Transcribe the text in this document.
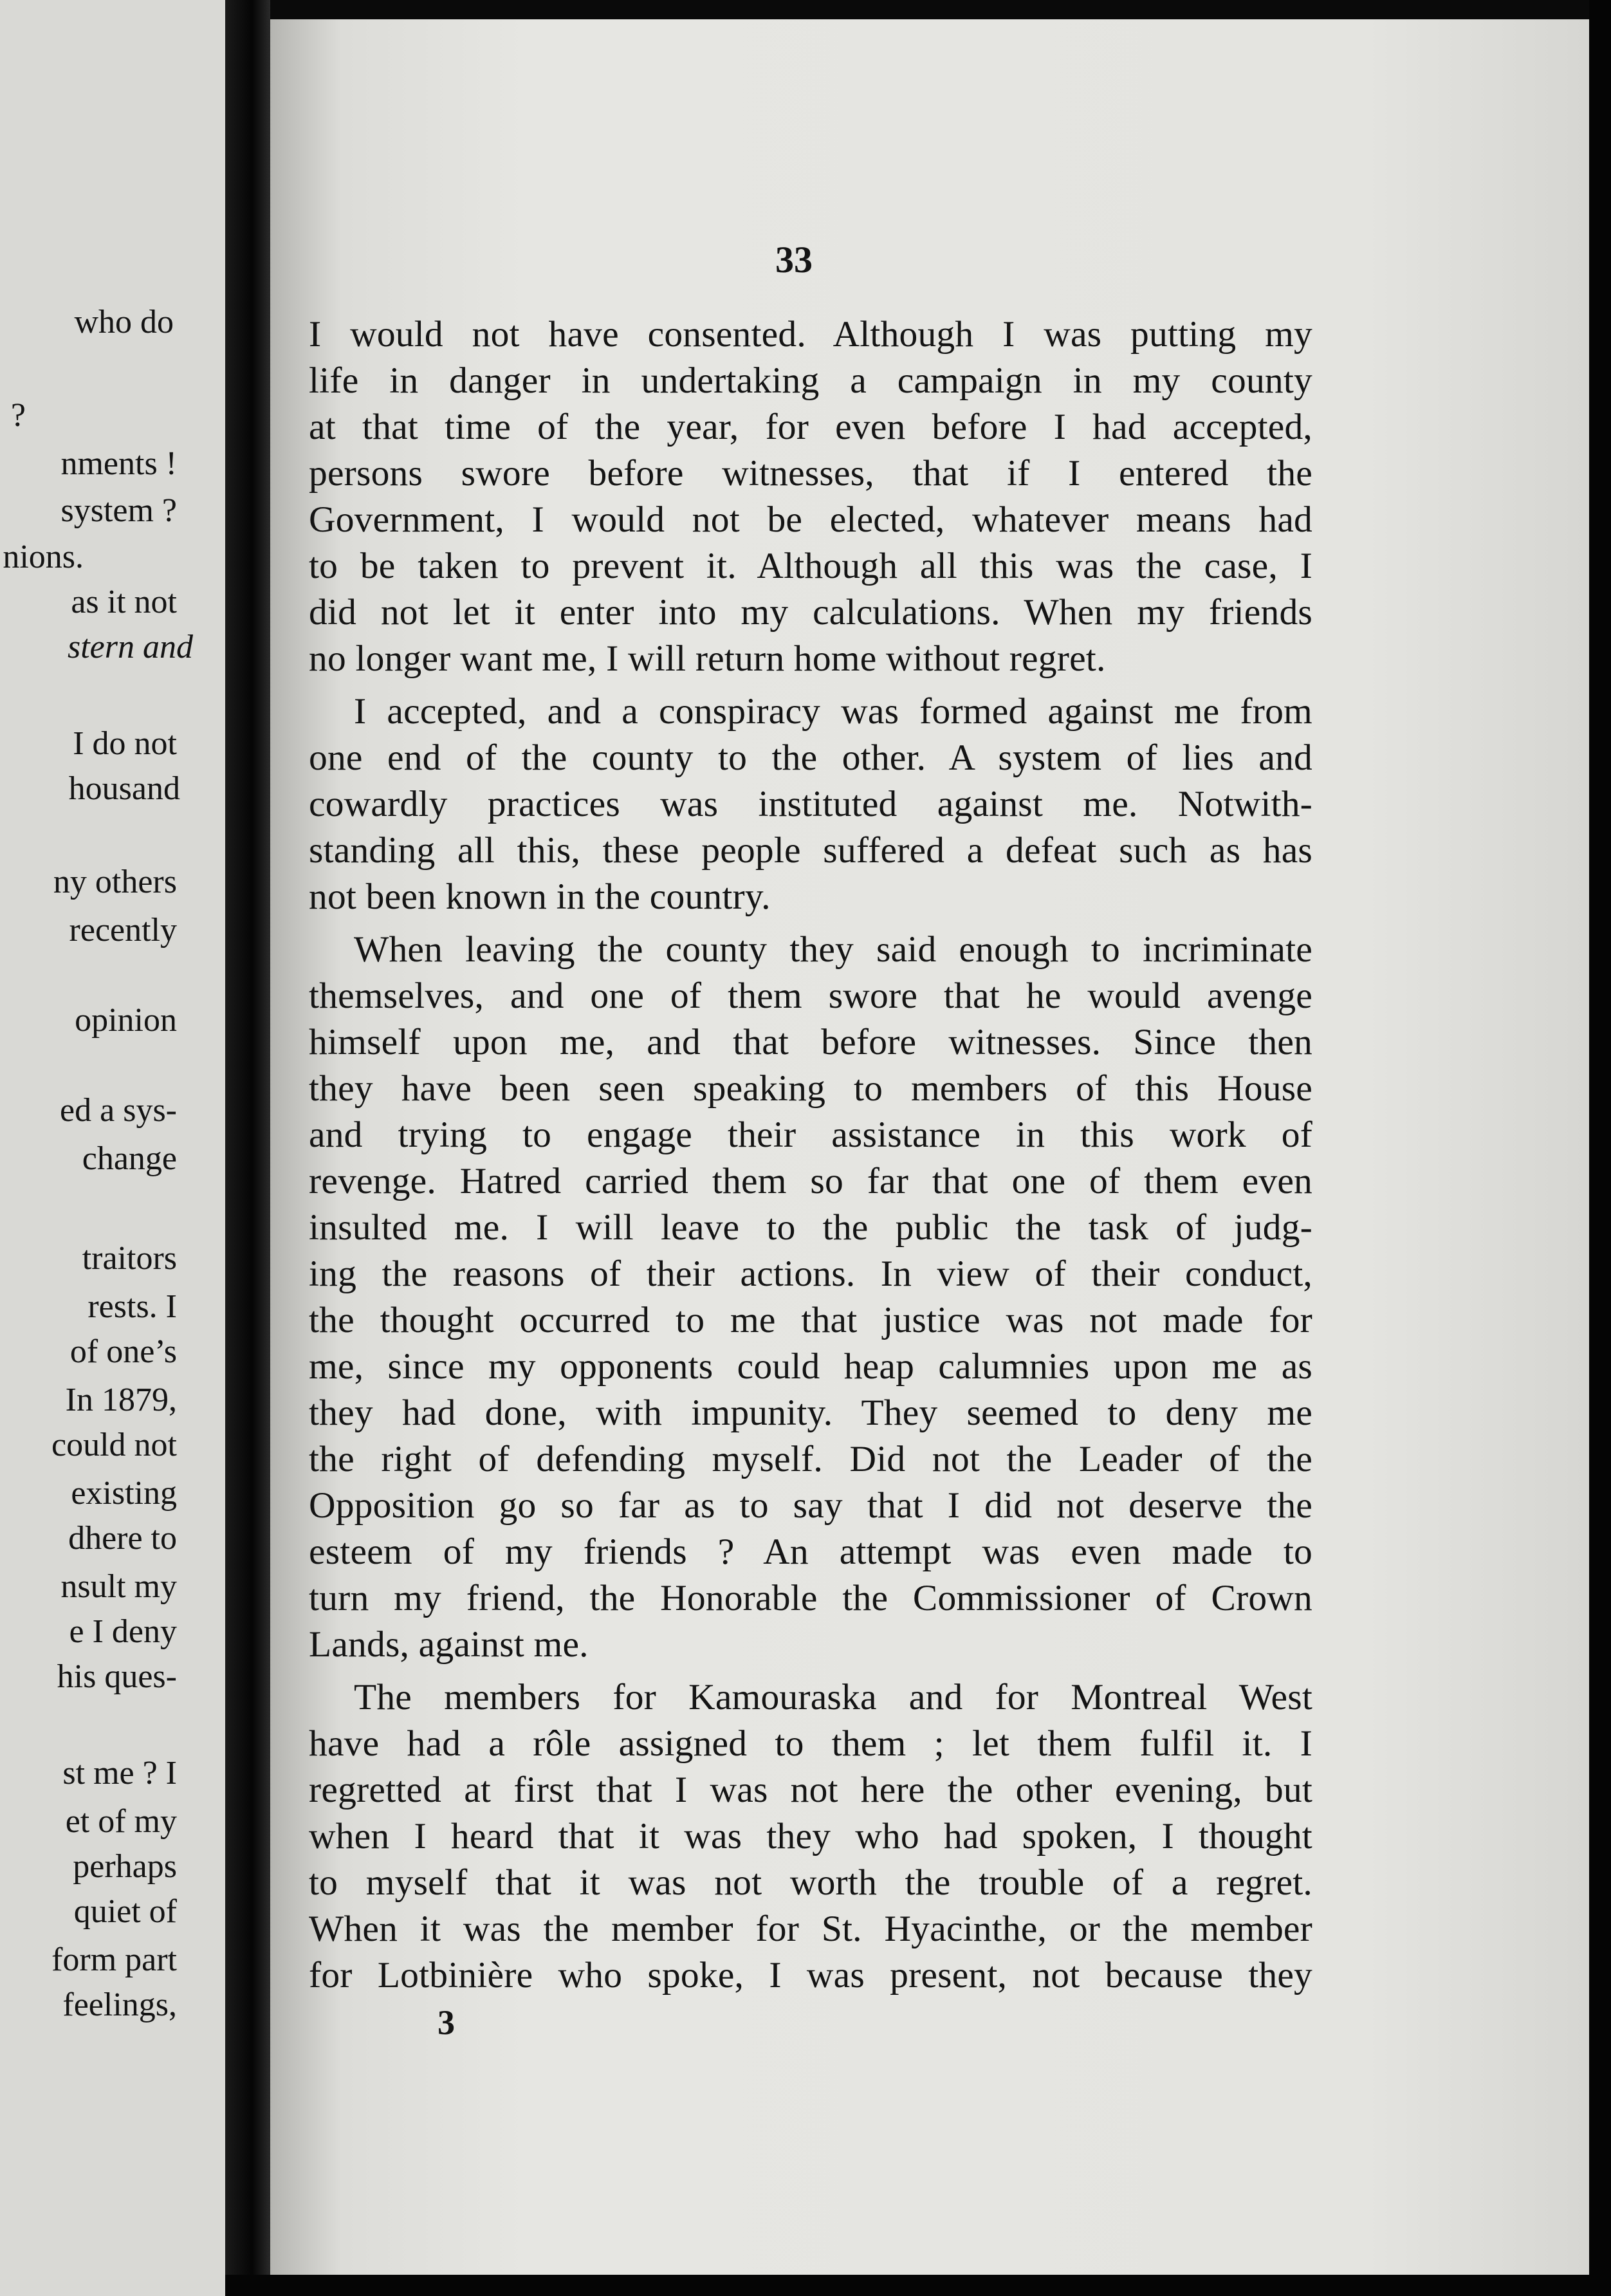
who do
?
nments !
system ?
nions.
as it not
stern and
I do not
housand
ny others
recently
opinion
ed a sys-
change
traitors
rests. I
of one’s
In 1879,
could not
existing
dhere to
nsult my
e I deny
his ques-
st me ? I
et of my
perhaps
quiet of
form part
feelings,
33
I would not have consented. Although I was putting my
life in danger in undertaking a campaign in my county
at that time of the year, for even before I had accepted,
persons swore before witnesses, that if I entered the
Government, I would not be elected, whatever means had
to be taken to prevent it. Although all this was the case, I
did not let it enter into my calculations. When my friends
no longer want me, I will return home without regret.
I accepted, and a conspiracy was formed against me from
one end of the county to the other. A system of lies and
cowardly practices was instituted against me. Notwith-
standing all this, these people suffered a defeat such as has
not been known in the country.
When leaving the county they said enough to incriminate
themselves, and one of them swore that he would avenge
himself upon me, and that before witnesses. Since then
they have been seen speaking to members of this House
and trying to engage their assistance in this work of
revenge. Hatred carried them so far that one of them even
insulted me. I will leave to the public the task of judg-
ing the reasons of their actions. In view of their conduct,
the thought occurred to me that justice was not made for
me, since my opponents could heap calumnies upon me as
they had done, with impunity. They seemed to deny me
the right of defending myself. Did not the Leader of the
Opposition go so far as to say that I did not deserve the
esteem of my friends ? An attempt was even made to
turn my friend, the Honorable the Commissioner of Crown
Lands, against me.
The members for Kamouraska and for Montreal West
have had a rôle assigned to them ; let them fulfil it. I
regretted at first that I was not here the other evening, but
when I heard that it was they who had spoken, I thought
to myself that it was not worth the trouble of a regret.
When it was the member for St. Hyacinthe, or the member
for Lotbinière who spoke, I was present, not because they
3
